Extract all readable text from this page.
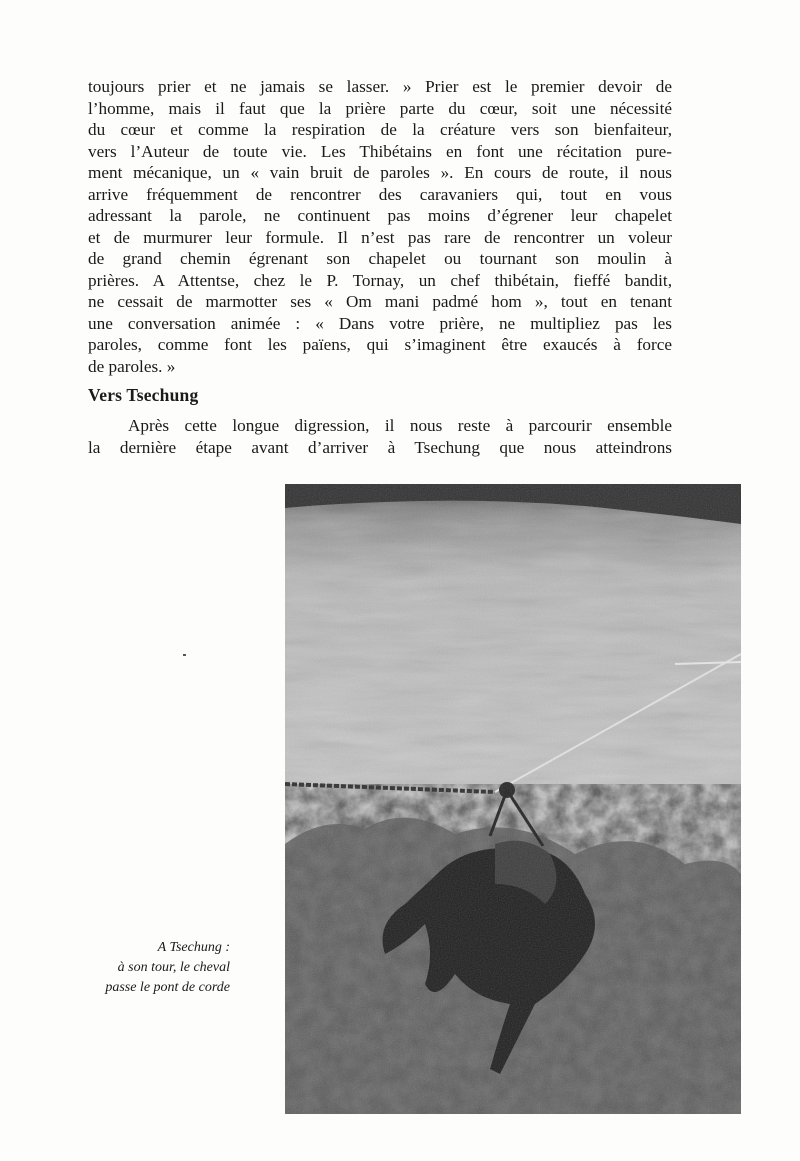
toujours prier et ne jamais se lasser. » Prier est le premier devoir de
l’homme, mais il faut que la prière parte du cœur, soit une nécessité
du cœur et comme la respiration de la créature vers son bienfaiteur,
vers l’Auteur de toute vie. Les Thibétains en font une récitation pure-
ment mécanique, un « vain bruit de paroles ». En cours de route, il nous
arrive fréquemment de rencontrer des caravaniers qui, tout en vous
adressant la parole, ne continuent pas moins d’égrener leur chapelet
et de murmurer leur formule. Il n’est pas rare de rencontrer un voleur
de grand chemin égrenant son chapelet ou tournant son moulin à
prières. A Attentse, chez le P. Tornay, un chef thibétain, fieffé bandit,
ne cessait de marmotter ses « Om mani padmé hom », tout en tenant
une conversation animée : « Dans votre prière, ne multipliez pas les
paroles, comme font les païens, qui s’imaginent être exaucés à force
de paroles. »
Vers Tsechung
Après cette longue digression, il nous reste à parcourir ensemble
la dernière étape avant d’arriver à Tsechung que nous atteindrons
A Tsechung :
à son tour, le cheval
passe le pont de corde
